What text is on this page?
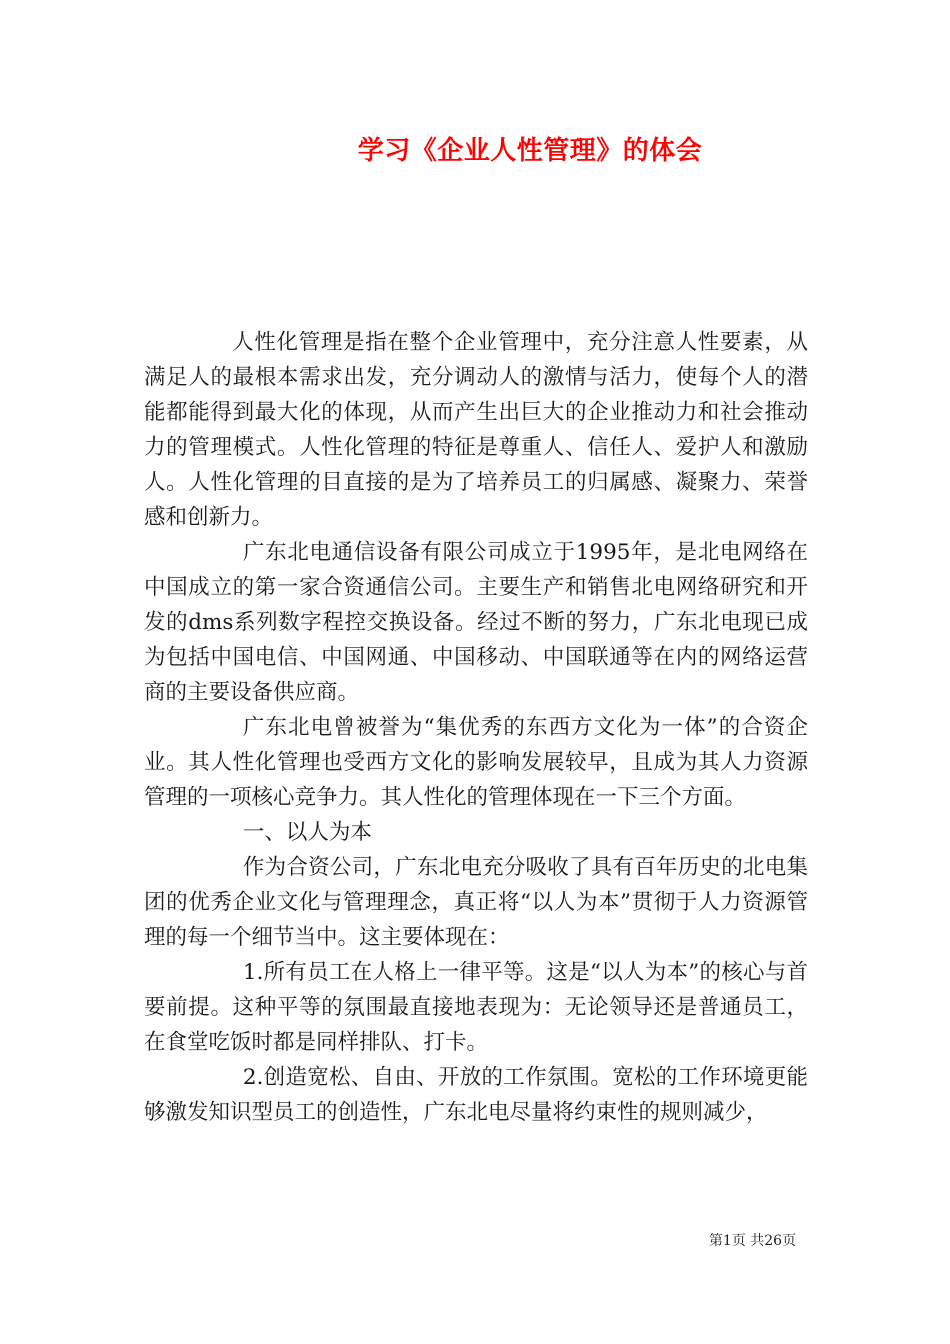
学习《企业人性管理》的体会

人性化管理是指在整个企业管理中，充分注意人性要素，从满足人的最根本需求出发，充分调动人的激情与活力，使每个人的潜能都能得到最大化的体现，从而产生出巨大的企业推动力和社会推动力的管理模式。人性化管理的特征是尊重人、信任人、爱护人和激励人。人性化管理的目直接的是为了培养员工的归属感、凝聚力、荣誉感和创新力。

广东北电通信设备有限公司成立于1995年，是北电网络在中国成立的第一家合资通信公司。主要生产和销售北电网络研究和开发的dms系列数字程控交换设备。经过不断的努力，广东北电现已成为包括中国电信、中国网通、中国移动、中国联通等在内的网络运营商的主要设备供应商。

广东北电曾被誉为“集优秀的东西方文化为一体”的合资企业。其人性化管理也受西方文化的影响发展较早，且成为其人力资源管理的一项核心竞争力。其人性化的管理体现在一下三个方面。

一、以人为本

作为合资公司，广东北电充分吸收了具有百年历史的北电集团的优秀企业文化与管理理念，真正将“以人为本”贯彻于人力资源管理的每一个细节当中。这主要体现在：

1.所有员工在人格上一律平等。这是“以人为本”的核心与首要前提。这种平等的氛围最直接地表现为：无论领导还是普通员工，在食堂吃饭时都是同样排队、打卡。

2.创造宽松、自由、开放的工作氛围。宽松的工作环境更能够激发知识型员工的创造性，广东北电尽量将约束性的规则减少，

第1页 共26页
